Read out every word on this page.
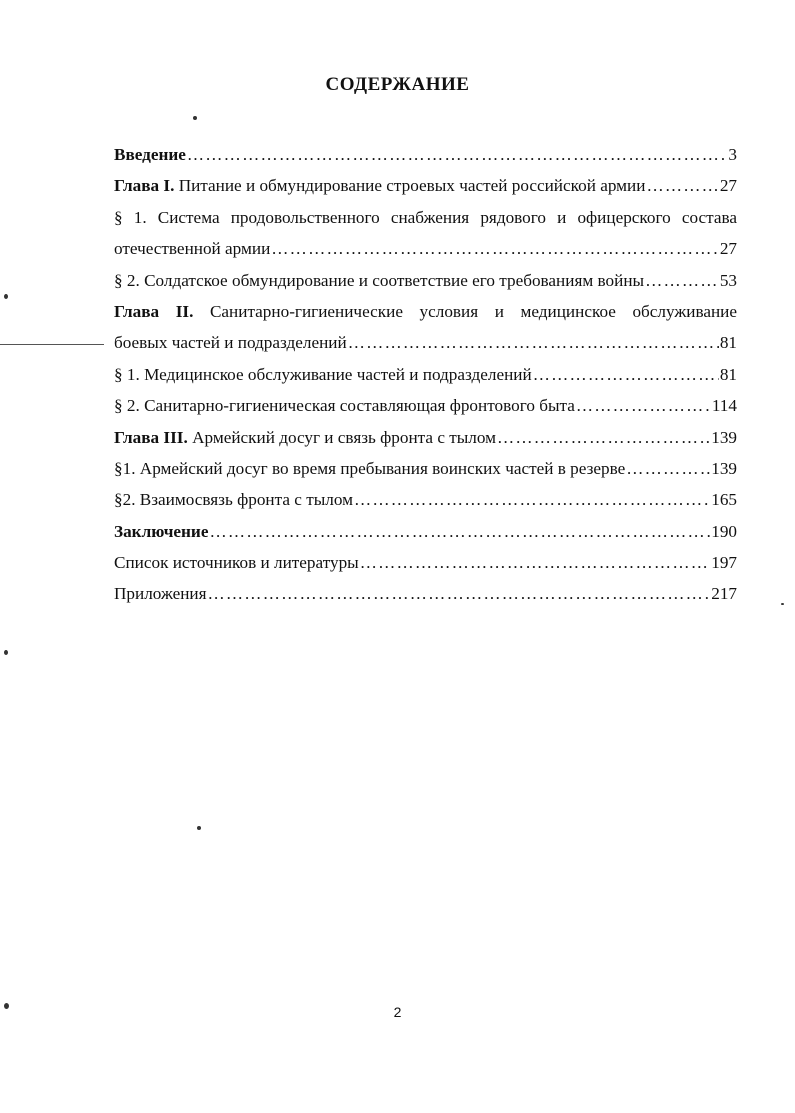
СОДЕРЖАНИЕ
Введение ………………………………………………………………………………………………………………………………………………………………	3
Глава I. Питание и обмундирование строевых частей российской армии ………………………………………………………………………………………………………………………………………………………………	27
§ 1. Система продовольственного снабжения рядового и офицерского состава
отечественной армии ………………………………………………………………………………………………………………………………………………………………	27
§ 2. Солдатское обмундирование и соответствие его требованиям войны ………………………………………………………………………………………………………………………………………………………………	53
Глава II. Санитарно-гигиенические условия и медицинское обслуживание
боевых частей и подразделений ………………………………………………………………………………………………………………………………………………………………	81
§ 1. Медицинское обслуживание частей и подразделений ………………………………………………………………………………………………………………………………………………………………	81
§ 2. Санитарно-гигиеническая составляющая фронтового быта ………………………………………………………………………………………………………………………………………………………………	114
Глава III. Армейский досуг и связь фронта с тылом ………………………………………………………………………………………………………………………………………………………………	139
§1. Армейский досуг во время пребывания воинских частей в резерве ………………………………………………………………………………………………………………………………………………………………	139
§2. Взаимосвязь фронта с тылом ………………………………………………………………………………………………………………………………………………………………	165
Заключение ………………………………………………………………………………………………………………………………………………………………	190
Список источников и литературы ………………………………………………………………………………………………………………………………………………………………	197
Приложения ………………………………………………………………………………………………………………………………………………………………	217
2
